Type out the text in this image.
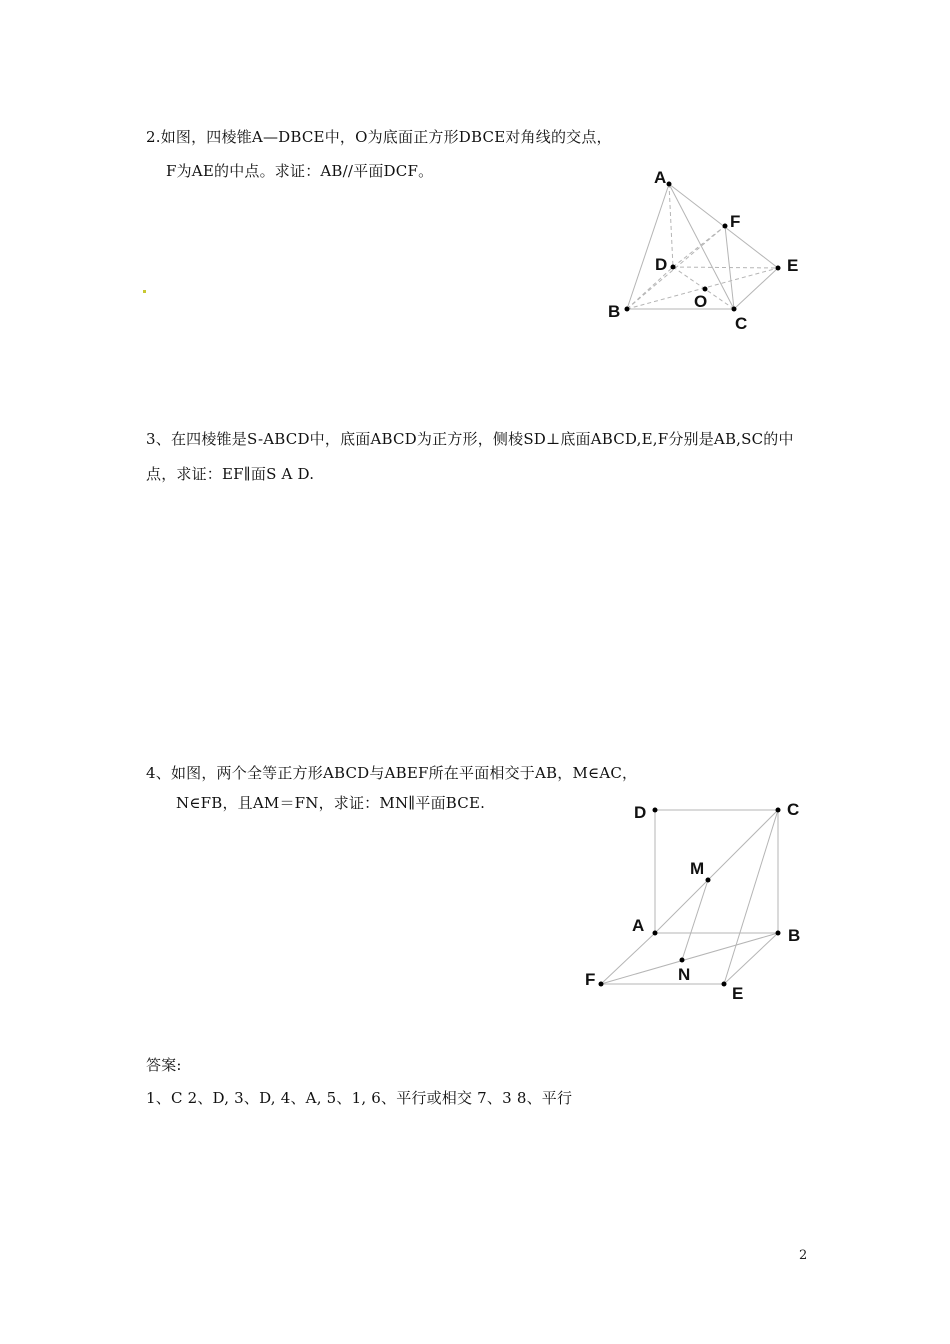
2.如图，四棱锥A—DBCE中，O为底面正方形DBCE对角线的交点，
F为AE的中点。求证：AB//平面DCF。	A
F
D	E
O
B
C
3、在四棱锥是S-ABCD中，底面ABCD为正方形，侧棱SD⊥底面ABCD,E,F分别是AB,SC的中
点，求证：EF∥面S A D.
4、如图，两个全等正方形ABCD与ABEF所在平面相交于AB，M∈AC，
N∈FB，且AM＝FN，求证：MN∥平面BCE.	D	C
M
A
B
N
F
E
答案:
1、C 2、D, 3、D, 4、A, 5、1, 6、平行或相交 7、3 8、平行
2
